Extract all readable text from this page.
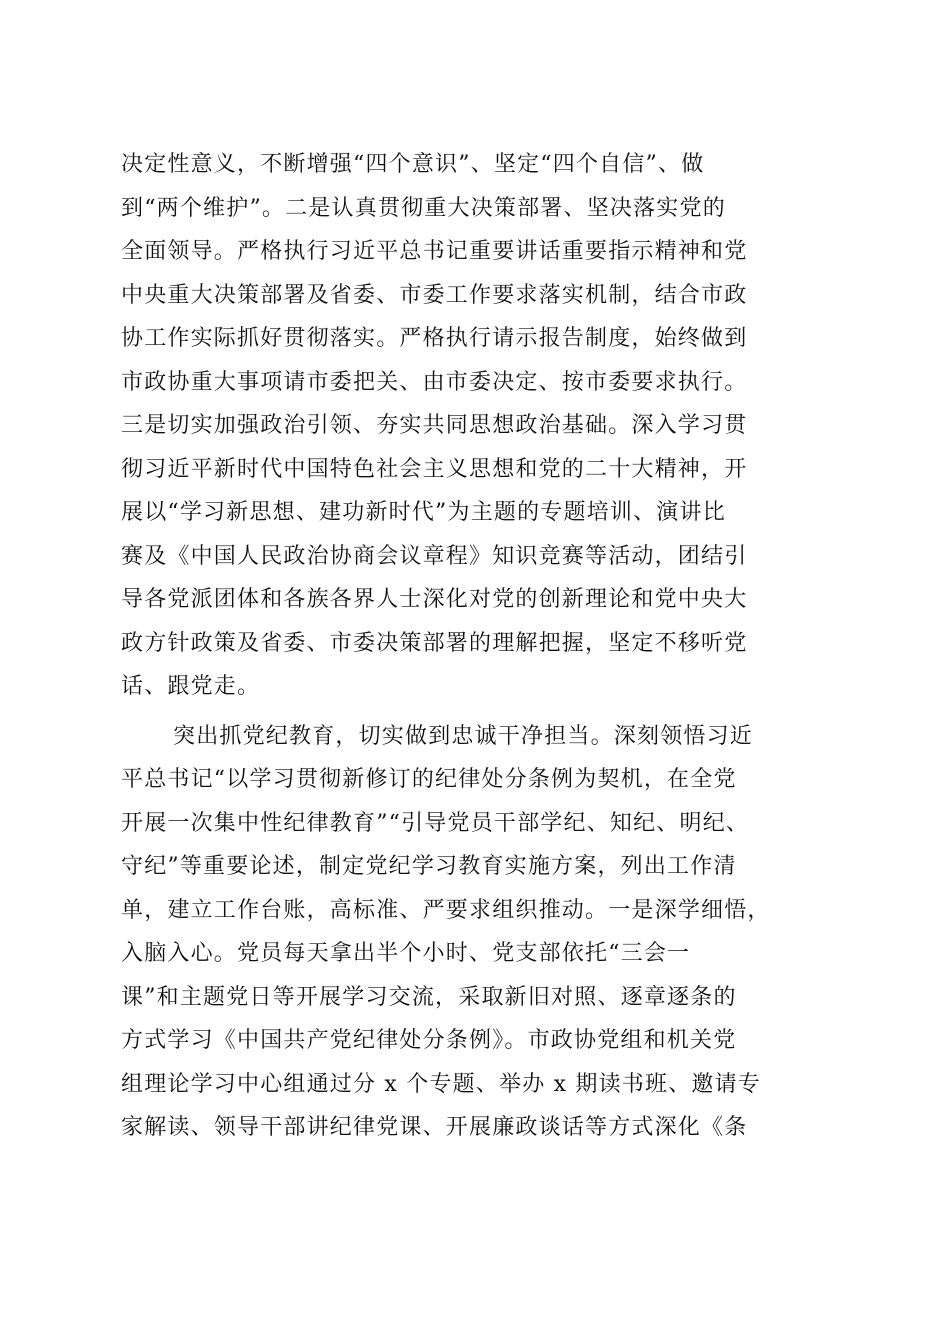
决定性意义，不断增强“四个意识”、坚定“四个自信”、做
到“两个维护”。二是认真贯彻重大决策部署、坚决落实党的
全面领导。严格执行习近平总书记重要讲话重要指示精神和党
中央重大决策部署及省委、市委工作要求落实机制，结合市政
协工作实际抓好贯彻落实。严格执行请示报告制度，始终做到
市政协重大事项请市委把关、由市委决定、按市委要求执行。
三是切实加强政治引领、夯实共同思想政治基础。深入学习贯
彻习近平新时代中国特色社会主义思想和党的二十大精神，开
展以“学习新思想、建功新时代”为主题的专题培训、演讲比
赛及《中国人民政治协商会议章程》知识竞赛等活动，团结引
导各党派团体和各族各界人士深化对党的创新理论和党中央大
政方针政策及省委、市委决策部署的理解把握，坚定不移听党
话、跟党走。
突出抓党纪教育，切实做到忠诚干净担当。深刻领悟习近
平总书记“以学习贯彻新修订的纪律处分条例为契机，在全党
开展一次集中性纪律教育”“引导党员干部学纪、知纪、明纪、
守纪”等重要论述，制定党纪学习教育实施方案，列出工作清
单，建立工作台账，高标准、严要求组织推动。一是深学细悟，
入脑入心。党员每天拿出半个小时、党支部依托“三会一
课”和主题党日等开展学习交流，采取新旧对照、逐章逐条的
方式学习《中国共产党纪律处分条例》。市政协党组和机关党
组理论学习中心组通过分 x 个专题、举办 x 期读书班、邀请专
家解读、领导干部讲纪律党课、开展廉政谈话等方式深化《条
